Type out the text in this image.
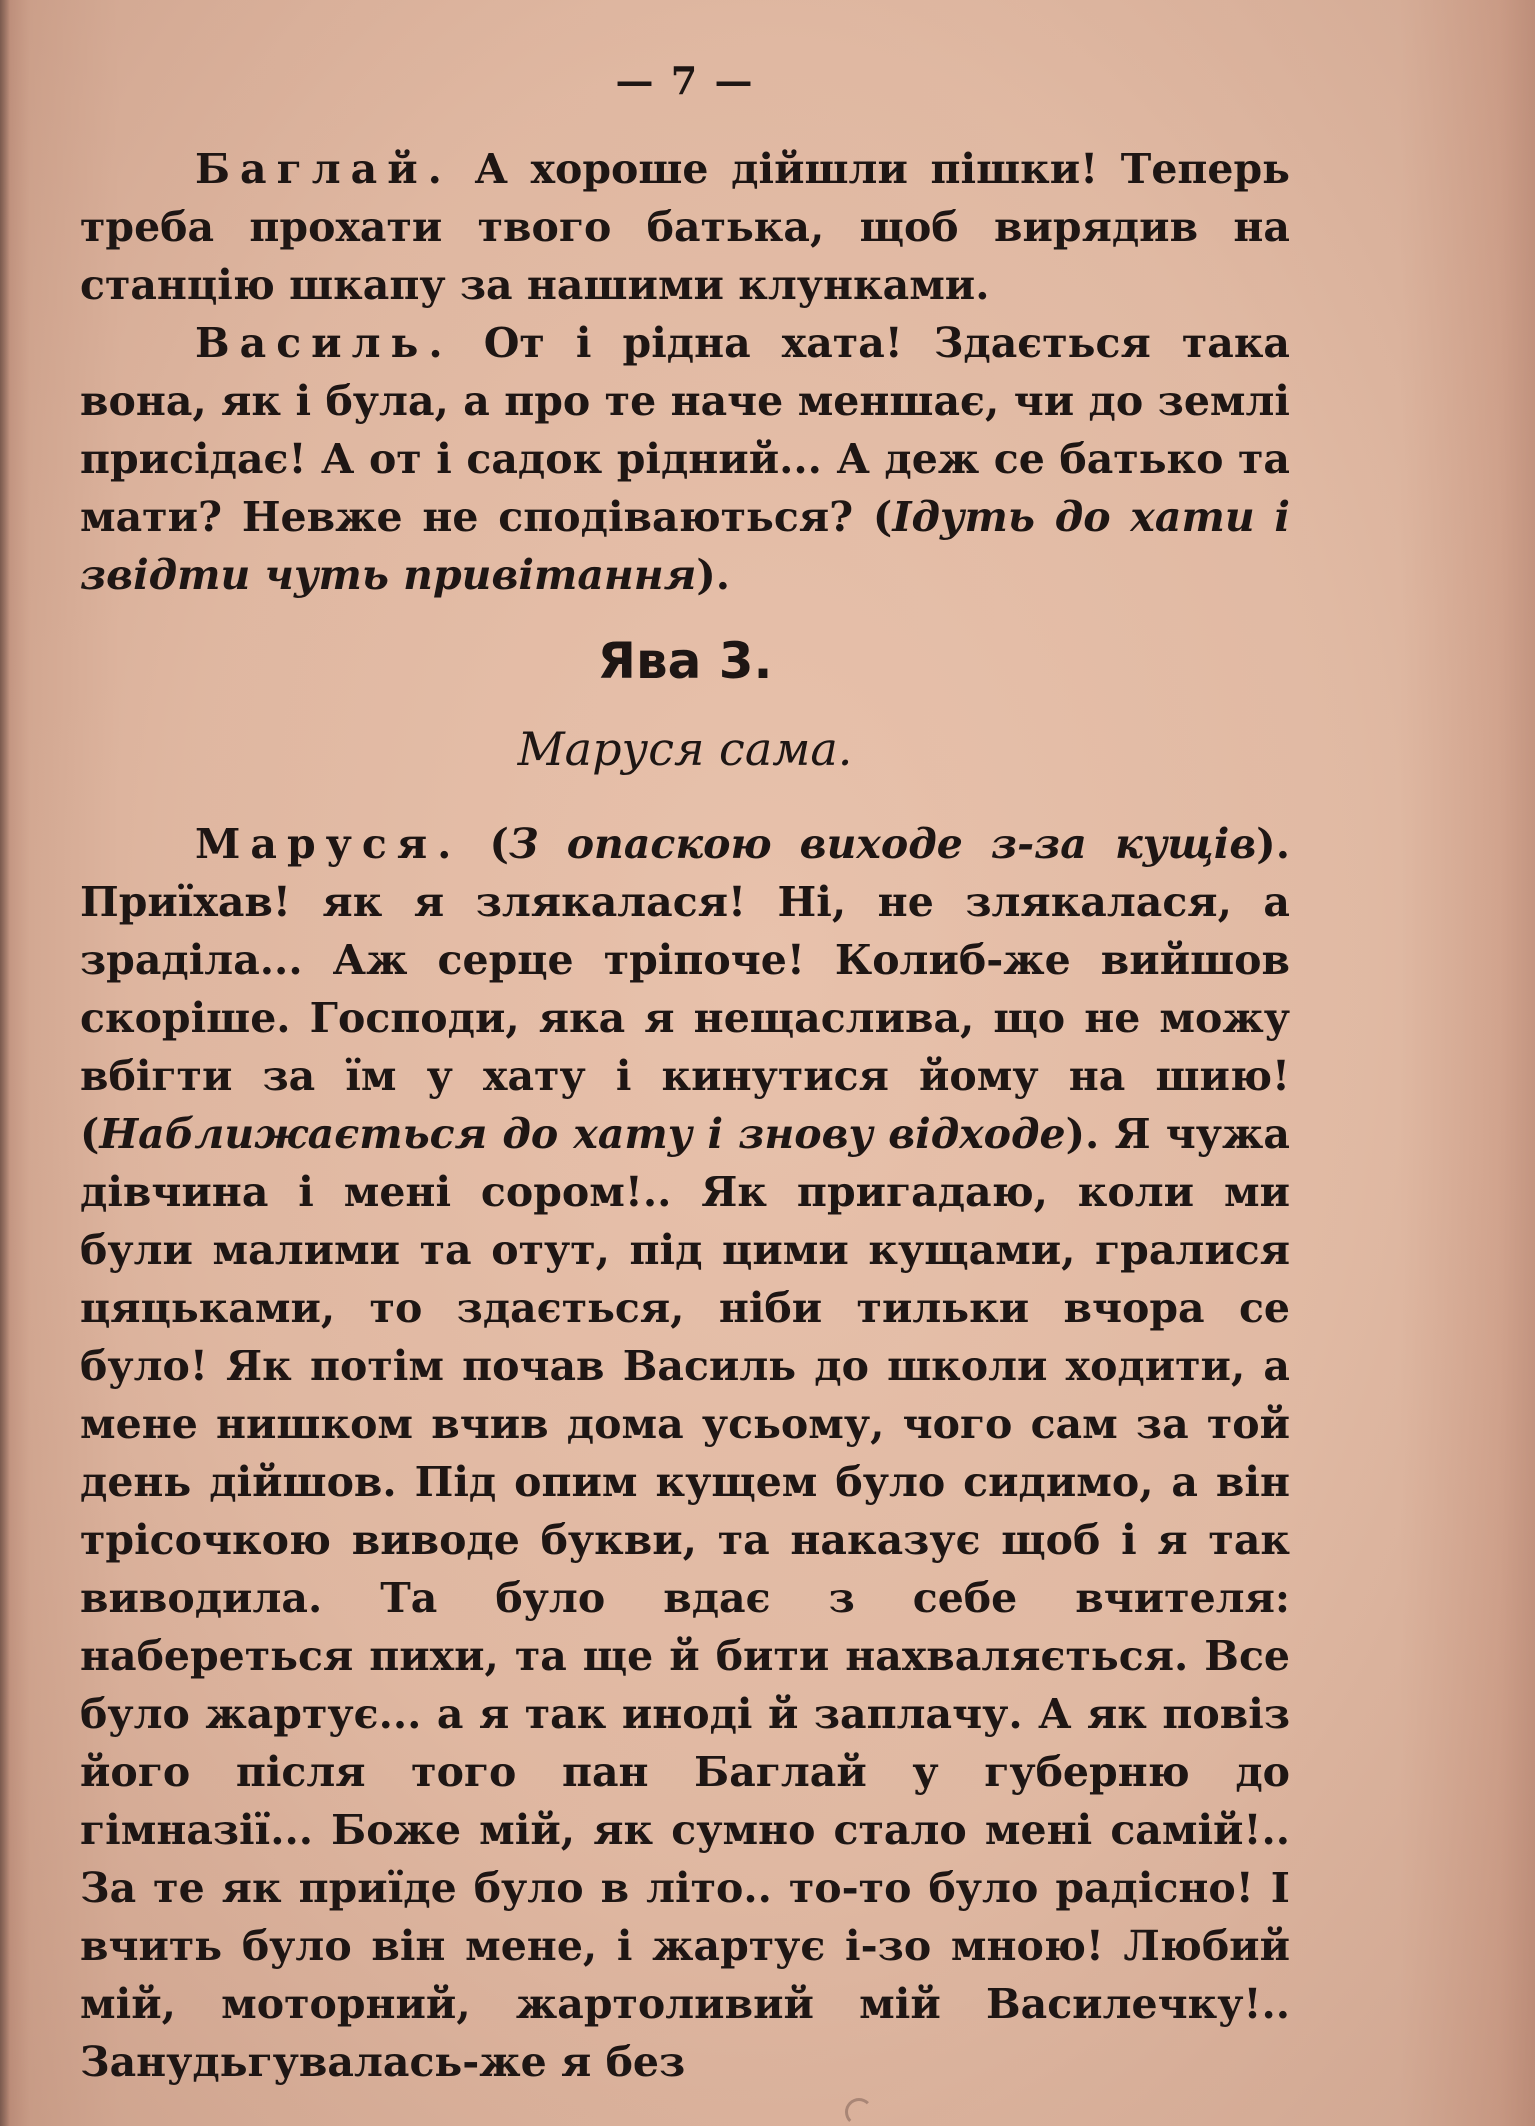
— 7 —

Баглай. А хороше дійшли пішки! Теперь треба прохати твого батька, щоб вирядив на станцію шкапу за нашими клунками.

Василь. От і рідна хата! Здається така вона, як і була, а про те наче меншає, чи до землі присідає! А от і садок рідний... А деж се батько та мати? Невже не сподіваються? (Ідуть до хати і звідти чуть привітання).

Ява 3.

Маруся сама.

Маруся. (З опаскою виходе з-за кущів). Приїхав! як я злякалася! Ні, не злякалася, а зраділа... Аж серце тріпоче! Колиб-же вийшов скоріше. Господи, яка я нещаслива, що не можу вбігти за їм у хату і кинутися йому на шию! (Наближається до хату і знову відходе). Я чужа дівчина і мені сором!.. Як пригадаю, коли ми були малими та отут, під цими кущами, гралися цяцьками, то здається, ніби тильки вчора се було! Як потім почав Василь до школи ходити, а мене нишком вчив дома усьому, чого сам за той день дійшов. Під опим кущем було сидимо, а він трісочкою виводе букви, та наказує щоб і я так виводила. Та було вдає з себе вчителя: набереться пихи, та ще й бити нахваляється. Все було жартує... а я так иноді й заплачу. А як повіз його після того пан Баглай у губерню до гімназії... Боже мій, як сумно стало мені самій!.. За те як приїде було в літо.. то-то було радісно! І вчить було він мене, і жартує і-зо мною! Любий мій, моторний, жартоливий мій Василечку!.. Занудьгувалась-же я без
